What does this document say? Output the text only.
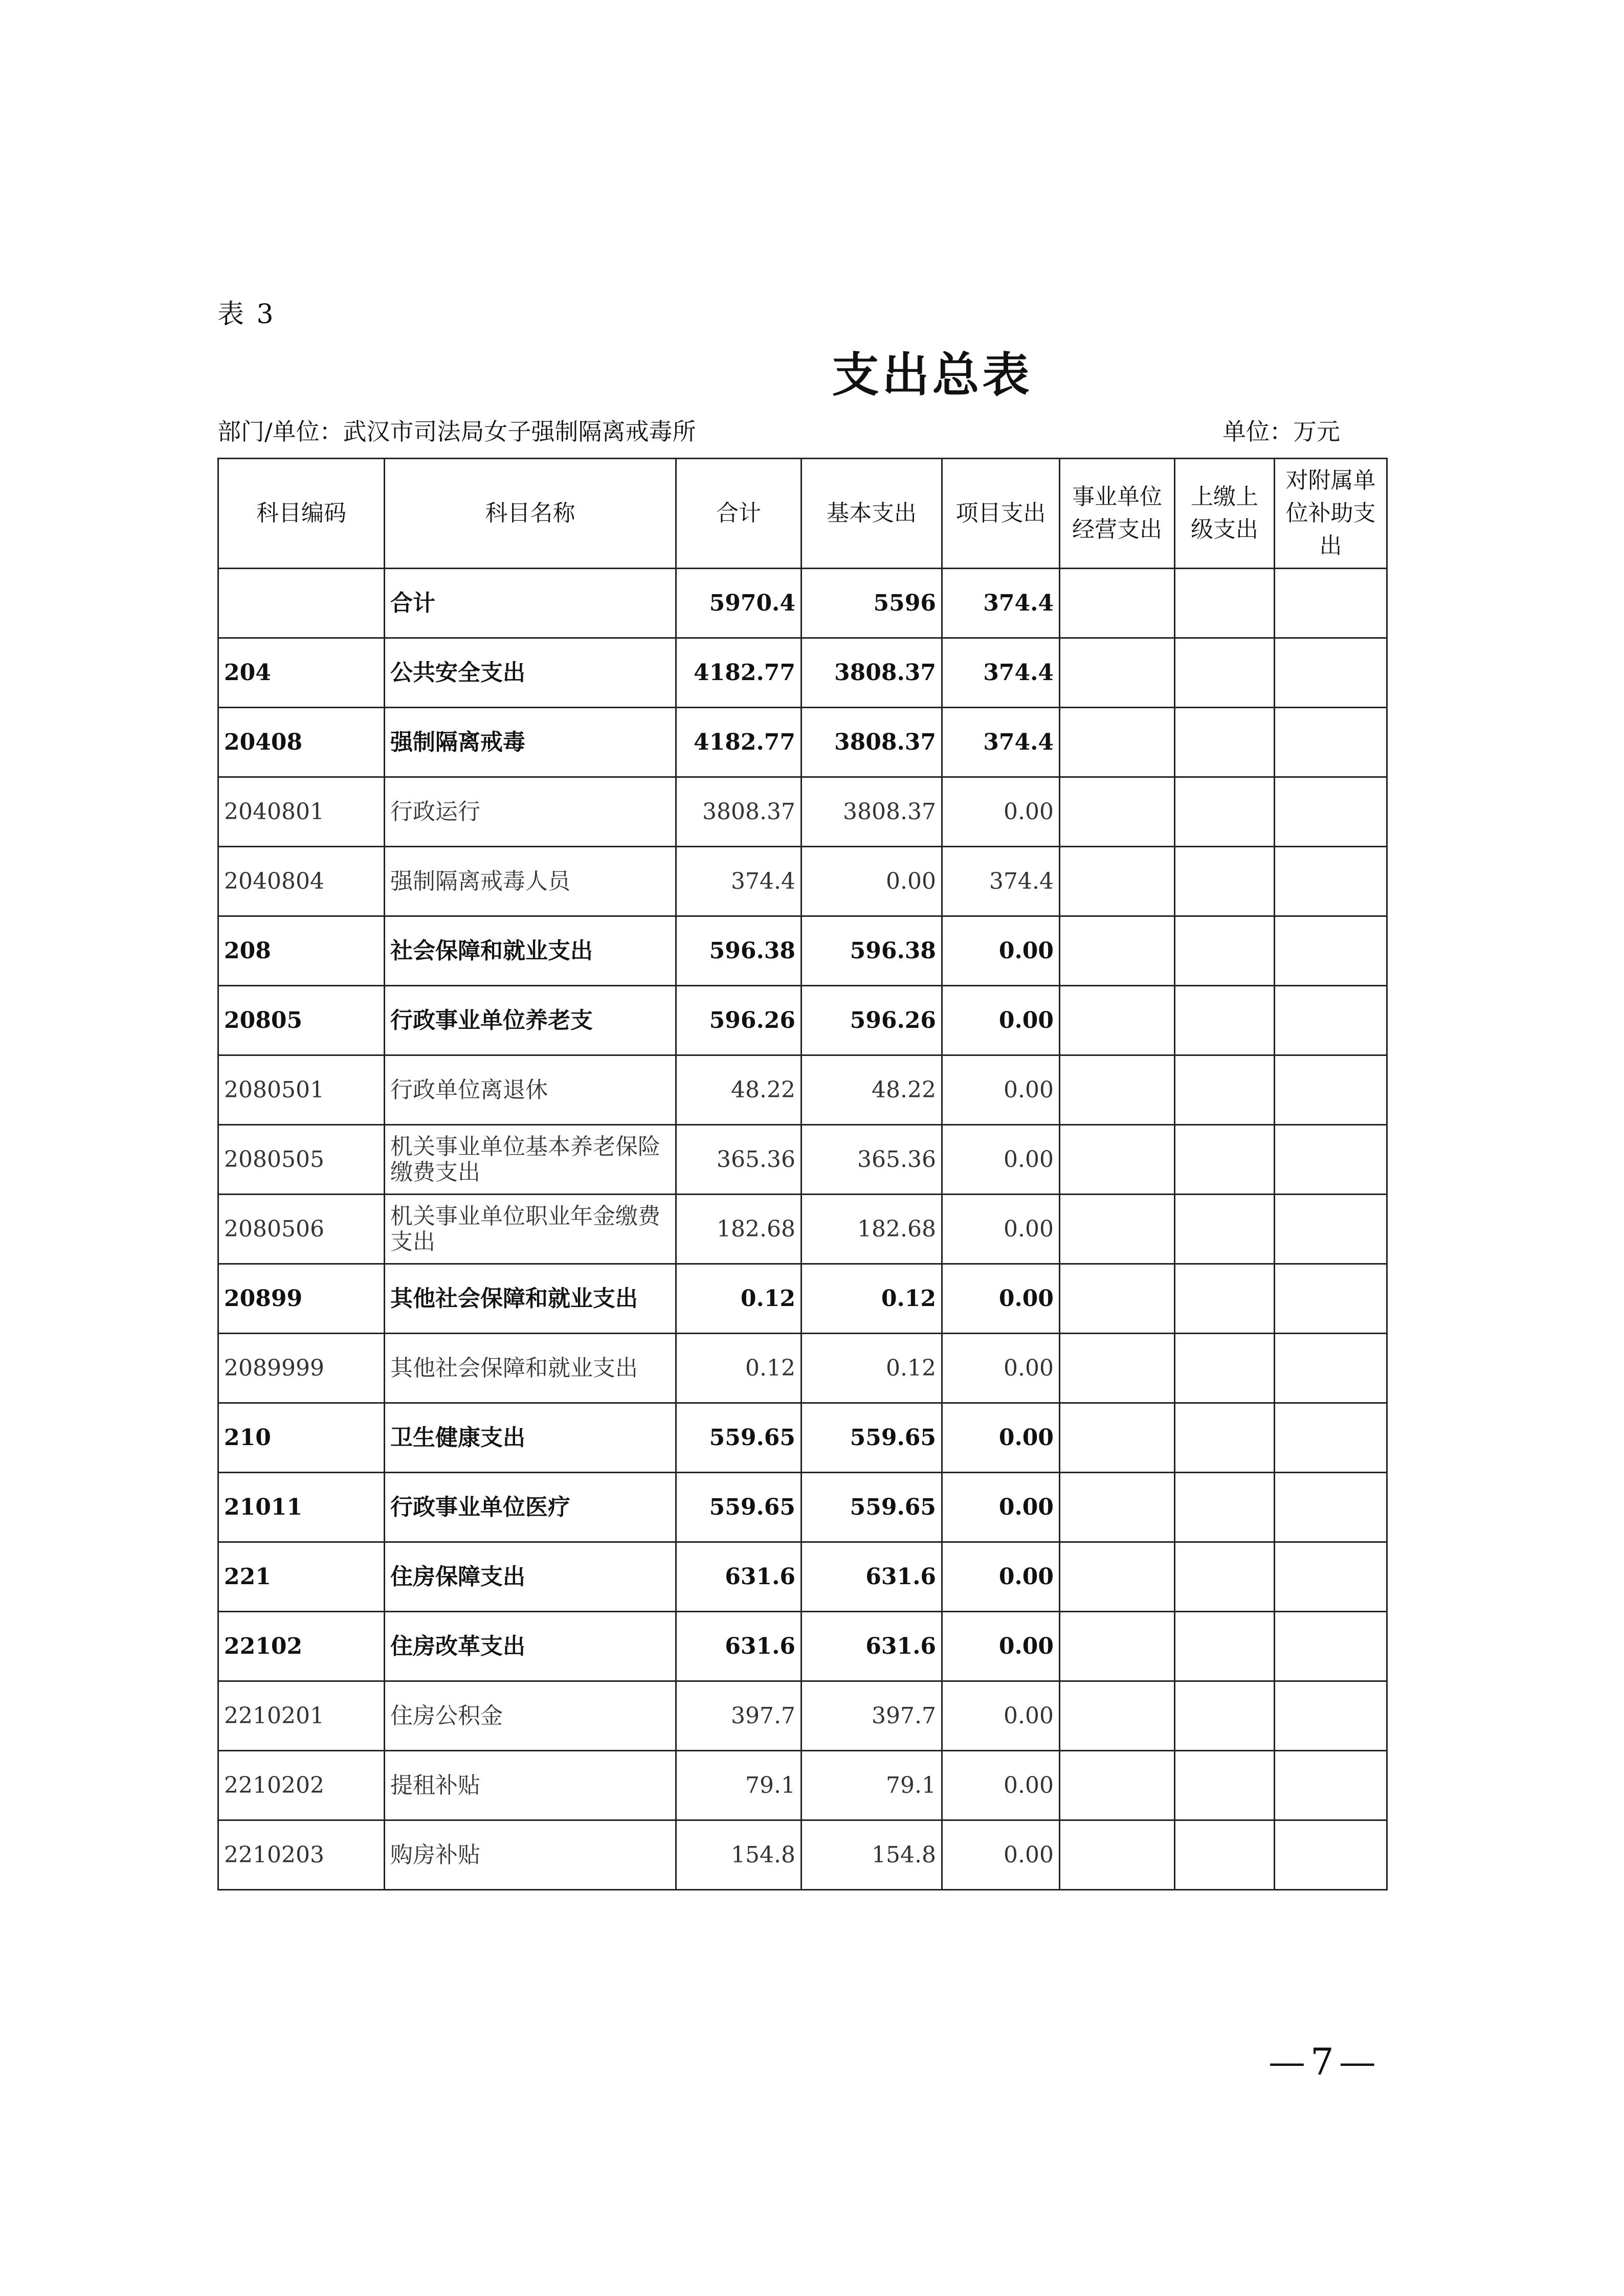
表 3
支出总表
部门/单位：武汉市司法局女子强制隔离戒毒所	单位：万元
科目编码	科目名称	合计	基本支出	项目支出	事业单位经营支出	上缴上级支出	对附属单位补助支出
	合计	5970.4	5596	374.4			
204	公共安全支出	4182.77	3808.37	374.4			
20408	强制隔离戒毒	4182.77	3808.37	374.4			
2040801	行政运行	3808.37	3808.37	0.00			
2040804	强制隔离戒毒人员	374.4	0.00	374.4			
208	社会保障和就业支出	596.38	596.38	0.00			
20805	行政事业单位养老支	596.26	596.26	0.00			
2080501	行政单位离退休	48.22	48.22	0.00			
2080505	机关事业单位基本养老保险缴费支出	365.36	365.36	0.00			
2080506	机关事业单位职业年金缴费支出	182.68	182.68	0.00			
20899	其他社会保障和就业支出	0.12	0.12	0.00			
2089999	其他社会保障和就业支出	0.12	0.12	0.00			
210	卫生健康支出	559.65	559.65	0.00			
21011	行政事业单位医疗	559.65	559.65	0.00			
221	住房保障支出	631.6	631.6	0.00			
22102	住房改革支出	631.6	631.6	0.00			
2210201	住房公积金	397.7	397.7	0.00			
2210202	提租补贴	79.1	79.1	0.00			
2210203	购房补贴	154.8	154.8	0.00			
—7—
